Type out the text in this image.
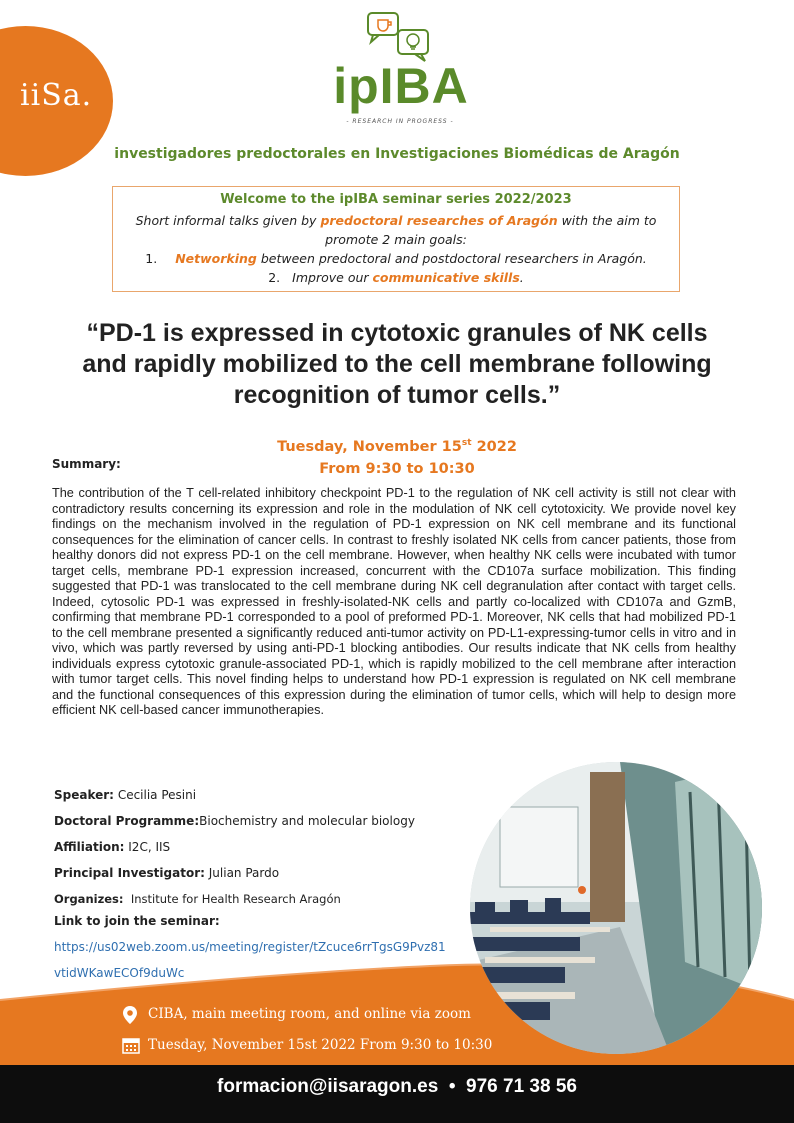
iiSa.	ipIBA
- RESEARCH IN PROGRESS -
investigadores predoctorales en Investigaciones Biomédicas de Aragón
Welcome to the ipIBA seminar series 2022/2023
Short informal talks given by predoctoral researches of Aragón with the aim to
promote 2 main goals:
1. Networking between predoctoral and postdoctoral researchers in Aragón.
2. Improve our communicative skills.
“PD-1 is expressed in cytotoxic granules of NK cells
and rapidly mobilized to the cell membrane following
recognition of tumor cells.”
Tuesday, November 15st 2022
From 9:30 to 10:30
Summary:
The contribution of the T cell-related inhibitory checkpoint PD-1 to the regulation of NK cell activity is still not clear with contradictory results concerning its expression and role in the modulation of NK cell cytotoxicity. We provide novel key findings on the mechanism involved in the regulation of PD-1 expression on NK cell membrane and its functional consequences for the elimination of cancer cells. In contrast to freshly isolated NK cells from cancer patients, those from healthy donors did not express PD-1 on the cell membrane. However, when healthy NK cells were incubated with tumor target cells, membrane PD-1 expression increased, concurrent with the CD107a surface mobilization. This finding suggested that PD-1 was translocated to the cell membrane during NK cell degranulation after contact with target cells. Indeed, cytosolic PD-1 was expressed in freshly-isolated-NK cells and partly co-localized with CD107a and GzmB, confirming that membrane PD-1 corresponded to a pool of preformed PD-1. Moreover, NK cells that had mobilized PD-1 to the cell membrane presented a significantly reduced anti-tumor activity on PD-L1-expressing-tumor cells in vitro and in vivo, which was partly reversed by using anti-PD-1 blocking antibodies. Our results indicate that NK cells from healthy individuals express cytotoxic granule-associated PD-1, which is rapidly mobilized to the cell membrane after interaction with tumor target cells. This novel finding helps to understand how PD-1 expression is regulated on NK cell membrane and the functional consequences of this expression during the elimination of tumor cells, which will help to design more efficient NK cell-based cancer immunotherapies.
Speaker: Cecilia Pesini
Doctoral Programme:Biochemistry and molecular biology
Affiliation: I2C, IIS
Principal Investigator: Julian Pardo
Organizes: Institute for Health Research Aragón
Link to join the seminar:
https://us02web.zoom.us/meeting/register/tZcuce6rrTgsG9Pvz81
vtidWKawECOf9duWc
CIBA, main meeting room, and online via zoom
Tuesday, November 15st 2022 From 9:30 to 10:30
formacion@iisaragon.es  •  976 71 38 56
